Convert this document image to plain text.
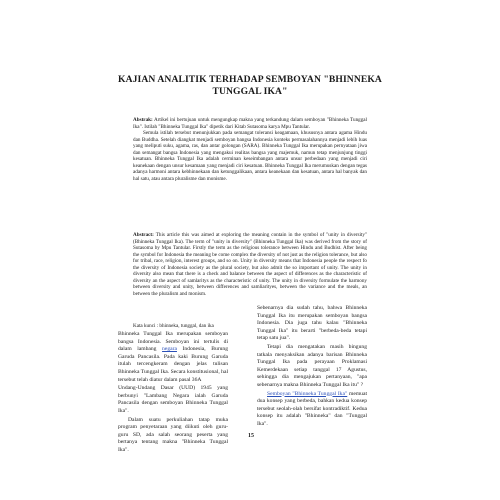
KAJIAN ANALITIK TERHADAP SEMBOYAN "BHINNEKA TUNGGAL IKA"
Abstrak: Artikel ini bertujuan untuk mengungkap makna yang terkandung dalam semboyan "Bhinneka Tunggal Ika". Istilah "Bhinneka Tunggal Ika" dipetik dari Kitab Sutasoma karya Mpu Tantular.
Semula istilah tersebut menunjukkan pada semangat toleransi keagamaan, khususnya antara agama Hindu dan Buddha. Setelah diangkat menjadi semboyan bangsa Indonesia konteks permasalahannya menjadi lebih luas yang meliputi suku, agama, ras, dan antar golongan (SARA). Bhinneka Tunggal Ika merupakan pernyataan jiwa dan semangat bangsa Indonesia yang mengakui realitas bangsa yang majemuk, namun tetap menjunjung tinggi kesatuan. Bhinneka Tunggal Ika adalah cerminan keseimbangan antara unsur perbedaan yang menjadi ciri keanekaan dengan unsur kesamaan yang menjadi ciri kesatuan. Bhinneka Tunggal Ika merumuskan dengan tegas adanya harmoni antara kebhinnekaan dan ketunggalikaan, antara keanekaan dan kesatuan, antara hal banyak dan hal satu, atau antara pluralisme dan monisme.
Abstract: This article this was aimed at exploring the meaning contain in the symbol of "unity in diversity" (Bhinneka Tunggal Ika). The term of "unity in diversity" (Bhinneka Tunggal Ika) was derived from the story of Sutasoma by Mpu Tantular. Firstly the term as the religious tolerance between Hindu and Budhist. After being the symbol for Indonesia the meaning be come complex the diversity of not just as the religion tolerance, but also for tribal, race, religion, interest groups, and so on. Unity in diversity means that Indonesia people the respect fo the diversity of Indonesia society as the plural society, but also admit the so important of unity. The unity in diversity also mean that there is a check and balance between the aspect of differences as the characteristic of diversity an the aspect of samlaritys as the characteristic of unity. The unity in diversity formulate the harmony between diversity and unity, between differences and samliarityes, between the variance and the meals, an between the pluralism and monism.
Kata kunci : bhinneka, tunggal, dan ika

Bhinneka Tunggal Ika merupakan semboyan bangsa Indonesia. Semboyan ini tertulis di dalam lambang negara Indonesia, Burung Garuda Pancasila. Pada kaki Burung Garuda itulah tercengkeram dengan jelas tulisan Bhinneka Tunggal Ika. Secara konstitusional, hal tersebut telah diatur dalam pasal 36A

Undang-Undang Dasar (UUD) 1945 yang berbunyi "Lambang Negara ialah Garuda Pancasila dengan semboyan Bhinneka Tunggal Ika".

Dalam suatu perkuliahan tatap muka program penyetaraan yang diikuti oleh guru-guru SD, ada salah seorang peserta yang bertanya tentang makna "Bhinneka Tunggal Ika".

Sebenarnya dia sudah tahu, bahwa Bhinneka Tunggal Ika itu merupakan semboyan bangsa Indonesia. Dia juga tahu kalau "Bhinneka Tunggal Ika" itu berarti "berbeda-beda tetapi tetap satu jua".

Tetapi dia mengatakan masih bingung tatkala menyaksikan adanya barisan Bhinneka Tunggal Ika pada perayaan Proklamasi Kemerdekaan setiap tanggal 17 Agustus, sehingga dia mengajukan pertanyaan, "apa sebenarnya makna Bhinneka Tunggal Ika itu" ?

Semboyan "Bhinneka Tunggal Ika" memuat dua konsep yang berbeda, bahkan kedua konsep tersebut seolah-olah bersifat kontradiktif. Kedua konsep itu adalah "Bhinneka" dan "Tunggal Ika".

15
